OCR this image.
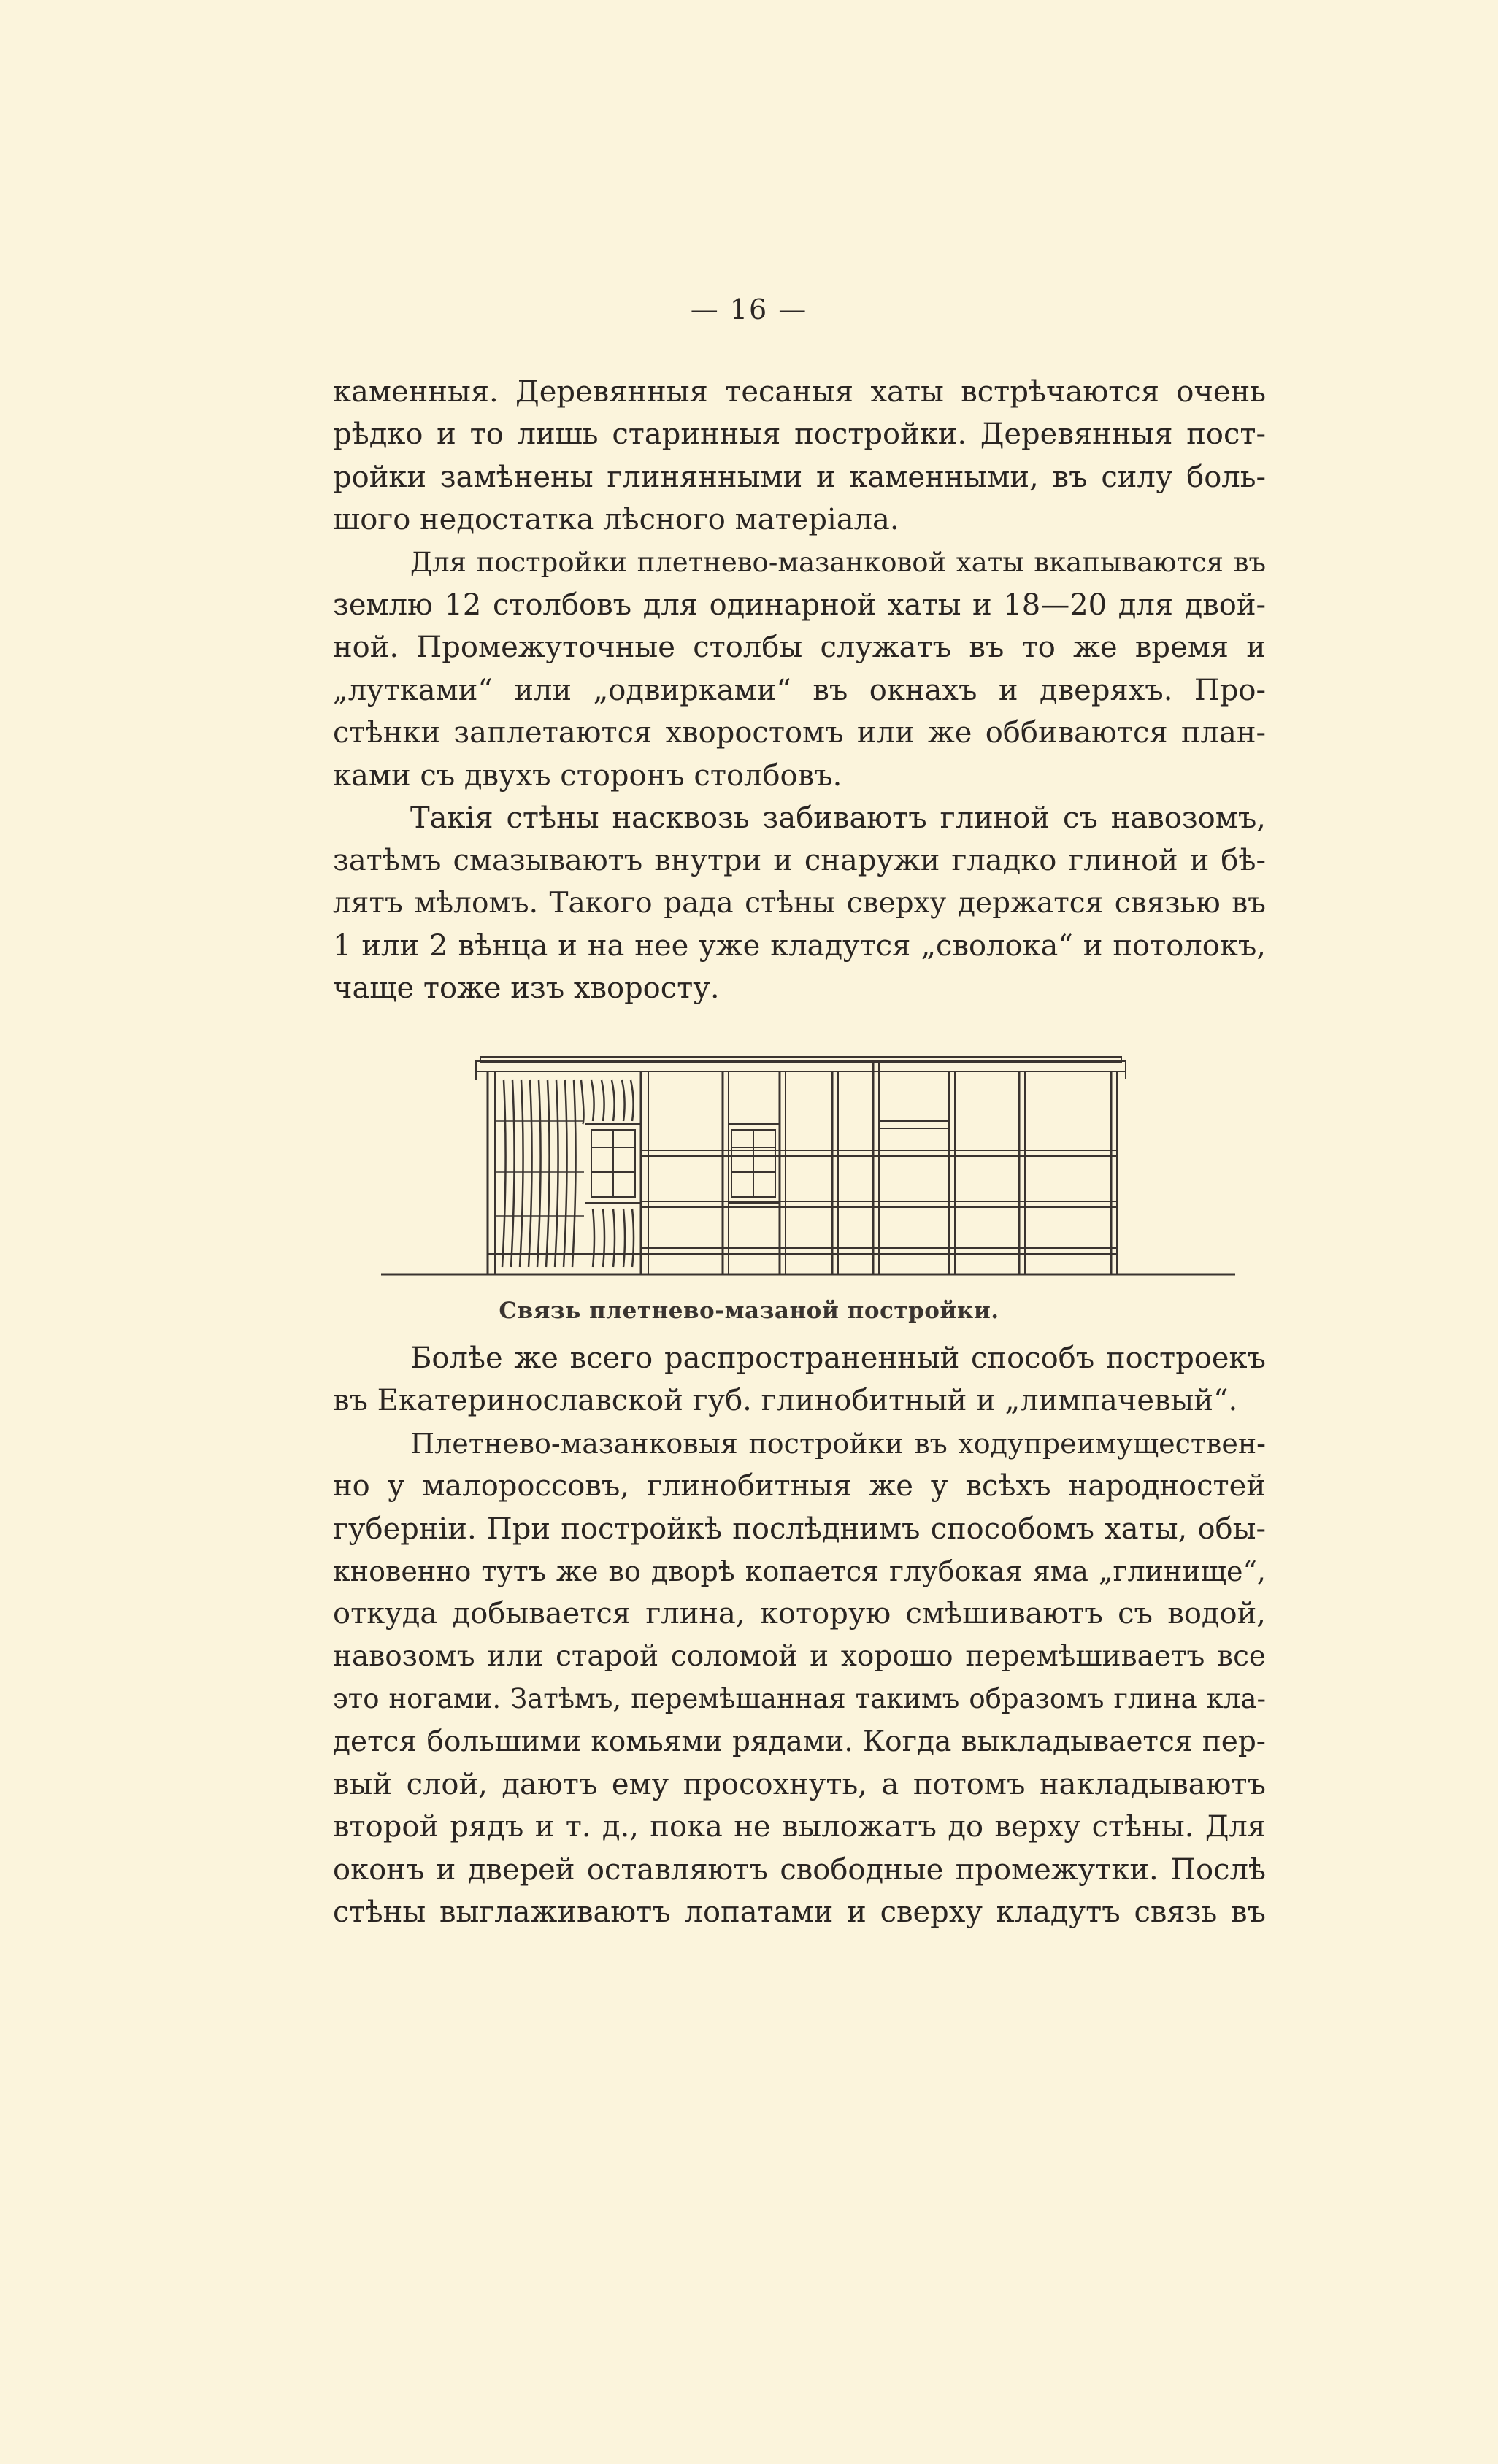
— 16 —
каменныя. Деревянныя тесаныя хаты встрѣчаются очень
рѣдко и то лишь старинныя постройки. Деревянныя пост-
ройки замѣнены глинянными и каменными, въ силу боль-
шого недостатка лѣсного матеріала.
Для постройки плетнево-мазанковой хаты вкапываются въ
землю 12 столбовъ для одинарной хаты и 18—20 для двой-
ной. Промежуточные столбы служатъ въ то же время и
„лутками“ или „одвирками“ въ окнахъ и дверяхъ. Про-
стѣнки заплетаются хворостомъ или же оббиваются план-
ками съ двухъ сторонъ столбовъ.
Такія стѣны насквозь забиваютъ глиной съ навозомъ,
затѣмъ смазываютъ внутри и снаружи гладко глиной и бѣ-
лятъ мѣломъ. Такого рада стѣны сверху держатся связью въ
1 или 2 вѣнца и на нее уже кладутся „сволока“ и потолокъ,
чаще тоже изъ хворосту.
Связь плетнево-мазаной постройки.
Болѣе же всего распространенный способъ построекъ
въ Екатеринославской губ. глинобитный и „лимпачевый“.
Плетнево-мазанковыя постройки въ ходупреимуществен-
но у малороссовъ, глинобитныя же у всѣхъ народностей
губерніи. При постройкѣ послѣднимъ способомъ хаты, обы-
кновенно тутъ же во дворѣ копается глубокая яма „глинище“,
откуда добывается глина, которую смѣшиваютъ съ водой,
навозомъ или старой соломой и хорошо перемѣшиваетъ все
это ногами. Затѣмъ, перемѣшанная такимъ образомъ глина кла-
дется большими комьями рядами. Когда выкладывается пер-
вый слой, даютъ ему просохнуть, а потомъ накладываютъ
второй рядъ и т. д., пока не выложатъ до верху стѣны. Для
оконъ и дверей оставляютъ свободные промежутки. Послѣ
стѣны выглаживаютъ лопатами и сверху кладутъ связь въ
